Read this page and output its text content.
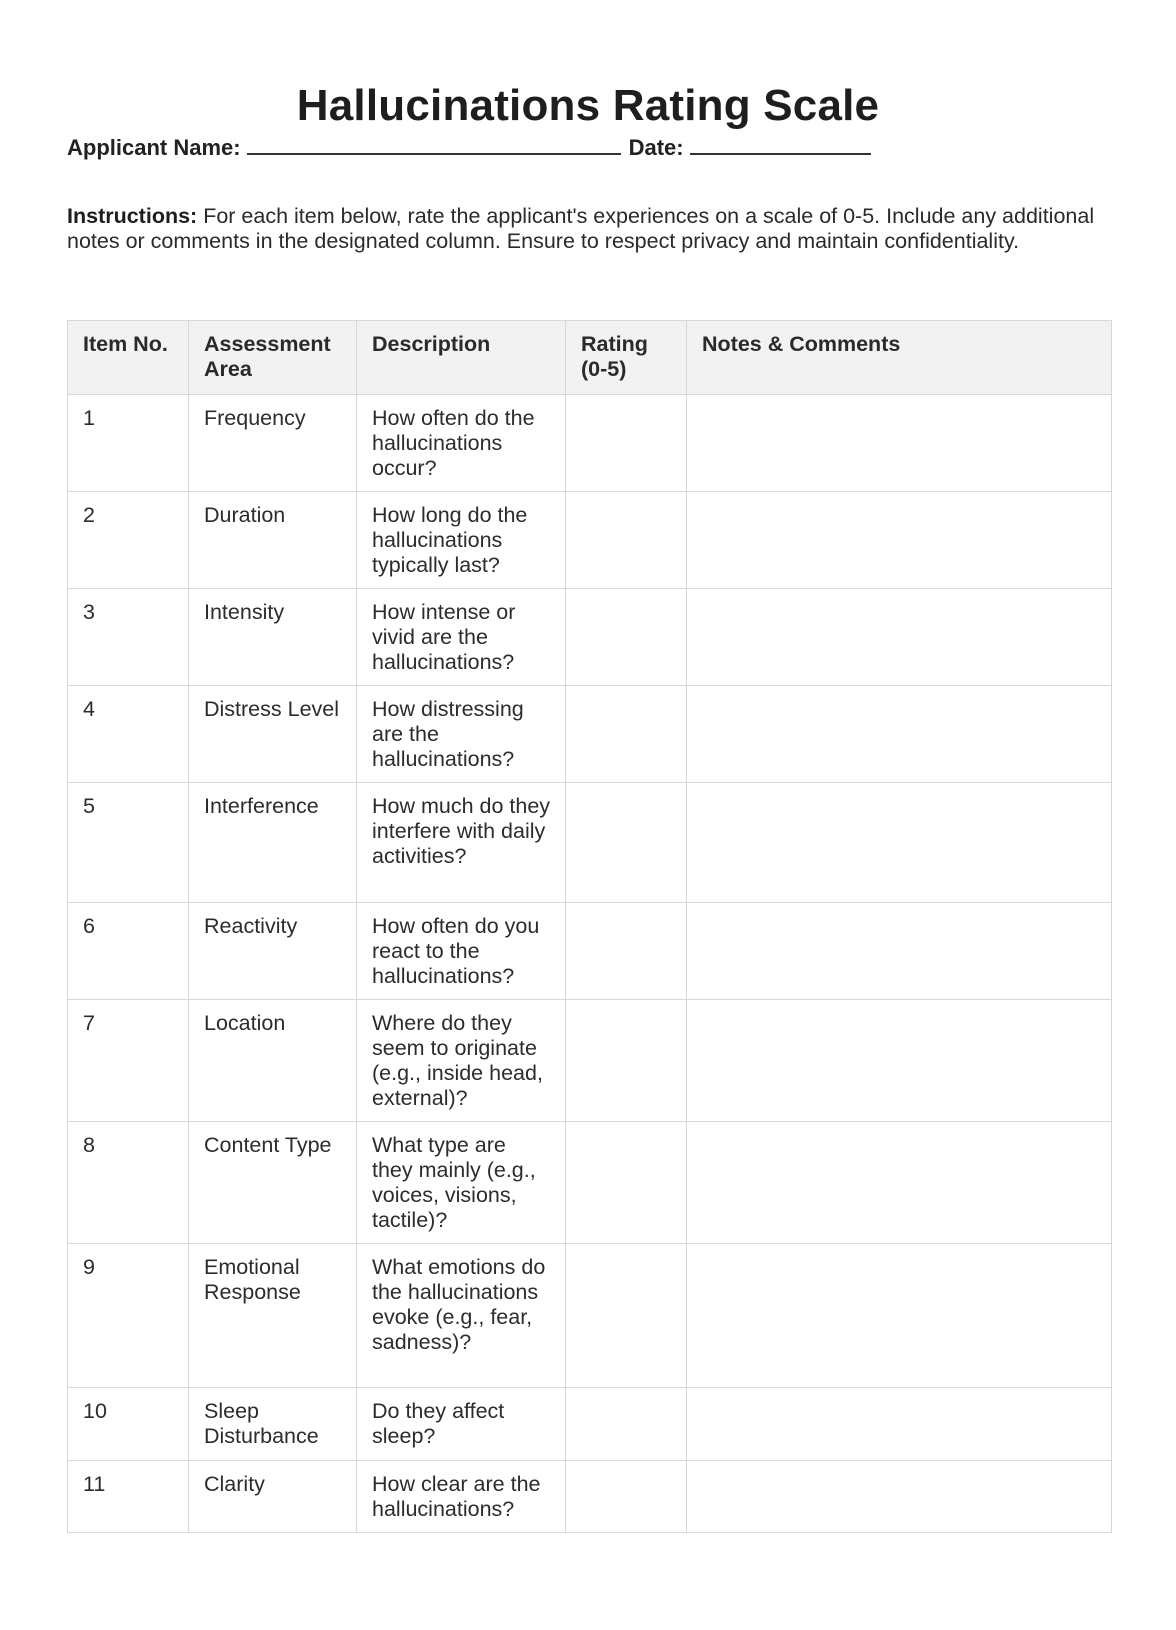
Hallucinations Rating Scale
Applicant Name:	Date:

Instructions: For each item below, rate the applicant's experiences on a scale of 0-5. Include any additional notes or comments in the designated column. Ensure to respect privacy and maintain confidentiality.

Item No.	Assessment Area	Description	Rating (0-5)	Notes & Comments
1	Frequency	How often do the hallucinations occur?		
2	Duration	How long do the hallucinations typically last?		
3	Intensity	How intense or vivid are the hallucinations?		
4	Distress Level	How distressing are the hallucinations?		
5	Interference	How much do they interfere with daily activities?		
6	Reactivity	How often do you react to the hallucinations?		
7	Location	Where do they seem to originate (e.g., inside head, external)?		
8	Content Type	What type are they mainly (e.g., voices, visions, tactile)?		
9	Emotional Response	What emotions do the hallucinations evoke (e.g., fear, sadness)?		
10	Sleep Disturbance	Do they affect sleep?		
11	Clarity	How clear are the hallucinations?		
